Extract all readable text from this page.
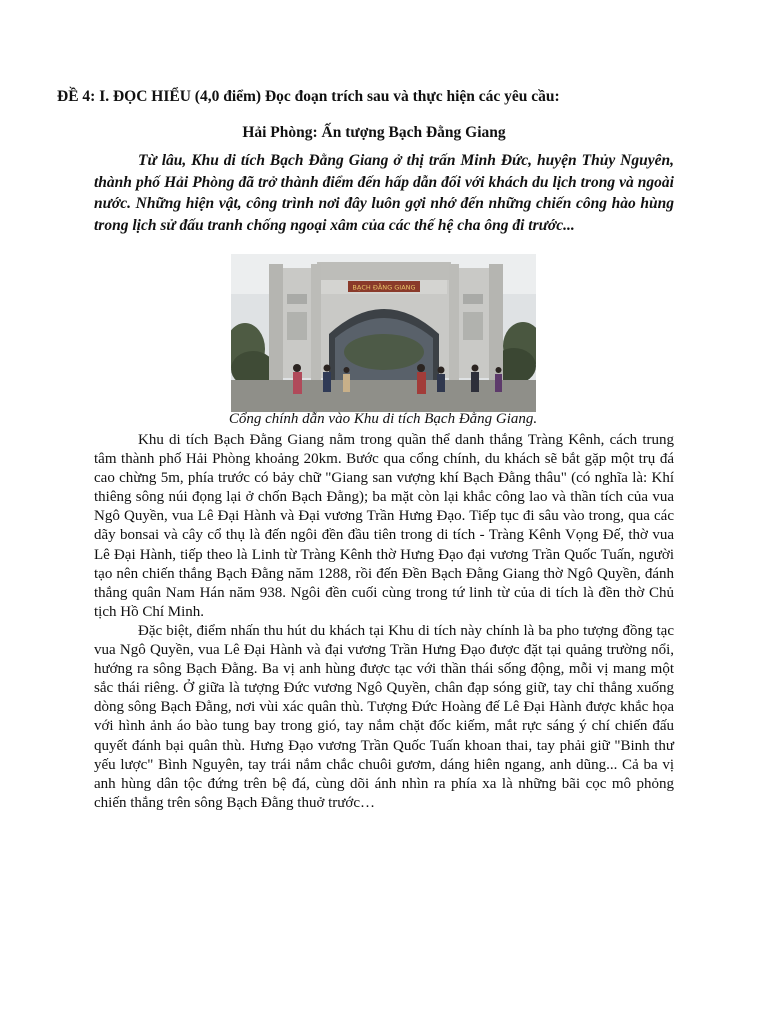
ĐỀ 4: I. ĐỌC HIỂU (4,0 điểm) Đọc đoạn trích sau và thực hiện các yêu cầu:
Hải Phòng: Ấn tượng Bạch Đằng Giang
Từ lâu, Khu di tích Bạch Đằng Giang ở thị trấn Minh Đức, huyện Thủy Nguyên, thành phố Hải Phòng đã trở thành điểm đến hấp dẫn đối với khách du lịch trong và ngoài nước. Những hiện vật, công trình nơi đây luôn gợi nhớ đến những chiến công hào hùng trong lịch sử đấu tranh chống ngoại xâm của các thế hệ cha ông đi trước...
BẠCH ĐẰNG GIANG
Cổng chính dẫn vào Khu di tích Bạch Đằng Giang.

Khu di tích Bạch Đằng Giang nằm trong quần thể danh thắng Tràng Kênh, cách trung tâm thành phố Hải Phòng khoảng 20km. Bước qua cổng chính, du khách sẽ bắt gặp một trụ đá cao chừng 5m, phía trước có bảy chữ "Giang san vượng khí Bạch Đằng thâu" (có nghĩa là: Khí thiêng sông núi đọng lại ở chốn Bạch Đằng); ba mặt còn lại khắc công lao và thần tích của vua Ngô Quyền, vua Lê Đại Hành và Đại vương Trần Hưng Đạo. Tiếp tục đi sâu vào trong, qua các dãy bonsai và cây cổ thụ là đến ngôi đền đầu tiên trong di tích - Tràng Kênh Vọng Đế, thờ vua Lê Đại Hành, tiếp theo là Linh từ Tràng Kênh thờ Hưng Đạo đại vương Trần Quốc Tuấn, người tạo nên chiến thắng Bạch Đằng năm 1288, rồi đến Đền Bạch Đằng Giang thờ Ngô Quyền, đánh thắng quân Nam Hán năm 938. Ngôi đền cuối cùng trong tứ linh từ của di tích là đền thờ Chủ tịch Hồ Chí Minh.

Đặc biệt, điểm nhấn thu hút du khách tại Khu di tích này chính là ba pho tượng đồng tạc vua Ngô Quyền, vua Lê Đại Hành và đại vương Trần Hưng Đạo được đặt tại quảng trường nổi, hướng ra sông Bạch Đằng. Ba vị anh hùng được tạc với thần thái sống động, mỗi vị mang một sắc thái riêng. Ở giữa là tượng Đức vương Ngô Quyền, chân đạp sóng giữ, tay chỉ thẳng xuống dòng sông Bạch Đằng, nơi vùi xác quân thù. Tượng Đức Hoàng đế Lê Đại Hành được khắc họa với hình ảnh áo bào tung bay trong gió, tay nắm chặt đốc kiếm, mắt rực sáng ý chí chiến đấu quyết đánh bại quân thù. Hưng Đạo vương Trần Quốc Tuấn khoan thai, tay phải giữ "Binh thư yếu lược" Bình Nguyên, tay trái nắm chắc chuôi gươm, dáng hiên ngang, anh dũng... Cả ba vị anh hùng dân tộc đứng trên bệ đá, cùng dõi ánh nhìn ra phía xa là những bãi cọc mô phỏng chiến thắng trên sông Bạch Đằng thuở trước…
